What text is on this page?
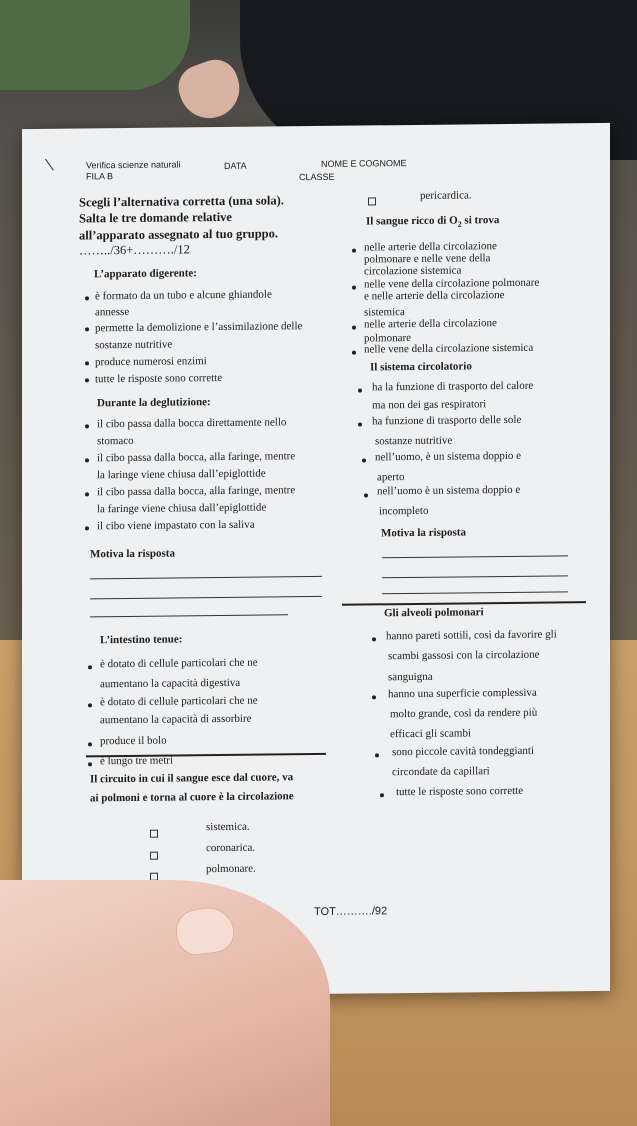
Verifica scienze naturali
FILA B
DATA	NOME E COGNOME
CLASSE
Scegli l’alternativa corretta (una sola).
Salta le tre domande relative
all’apparato assegnato al tuo gruppo.
……../36+………./12
L’apparato digerente:
è formato da un tubo e alcune ghiandole
annesse
permette la demolizione e l’assimilazione delle
sostanze nutritive
produce numerosi enzimi
tutte le risposte sono corrette
Durante la deglutizione:
il cibo passa dalla bocca direttamente nello
stomaco
il cibo passa dalla bocca, alla faringe, mentre
la laringe viene chiusa dall’epiglottide
il cibo passa dalla bocca, alla faringe, mentre
la faringe viene chiusa dall’epiglottide
il cibo viene impastato con la saliva
Motiva la risposta
L’intestino tenue:
è dotato di cellule particolari che ne
aumentano la capacità digestiva
è dotato di cellule particolari che ne
aumentano la capacità di assorbire
produce il bolo
è lungo tre metri
Il circuito in cui il sangue esce dal cuore, va
ai polmoni e torna al cuore è la circolazione
sistemica.
coronarica.
polmonare.
pericardica.
Il sangue ricco di $O_2$ si trova
nelle arterie della circolazione
polmonare e nelle vene della
circolazione sistemica
nelle vene della circolazione polmonare
e nelle arterie della circolazione
sistemica
nelle arterie della circolazione
polmonare
nelle vene della circolazione sistemica
Il sistema circolatorio
ha la funzione di trasporto del calore
ma non dei gas respiratori
ha funzione di trasporto delle sole
sostanze nutritive
nell’uomo, è un sistema doppio e
aperto
nell’uomo è un sistema doppio e
incompleto
Motiva la risposta
Gli alveoli polmonari
hanno pareti sottili, così da favorire gli
scambi gassosi con la circolazione
sanguigna
hanno una superficie complessiva
molto grande, così da rendere più
efficaci gli scambi
sono piccole cavità tondeggianti
circondate da capillari
tutte le risposte sono corrette
TOT………./92
